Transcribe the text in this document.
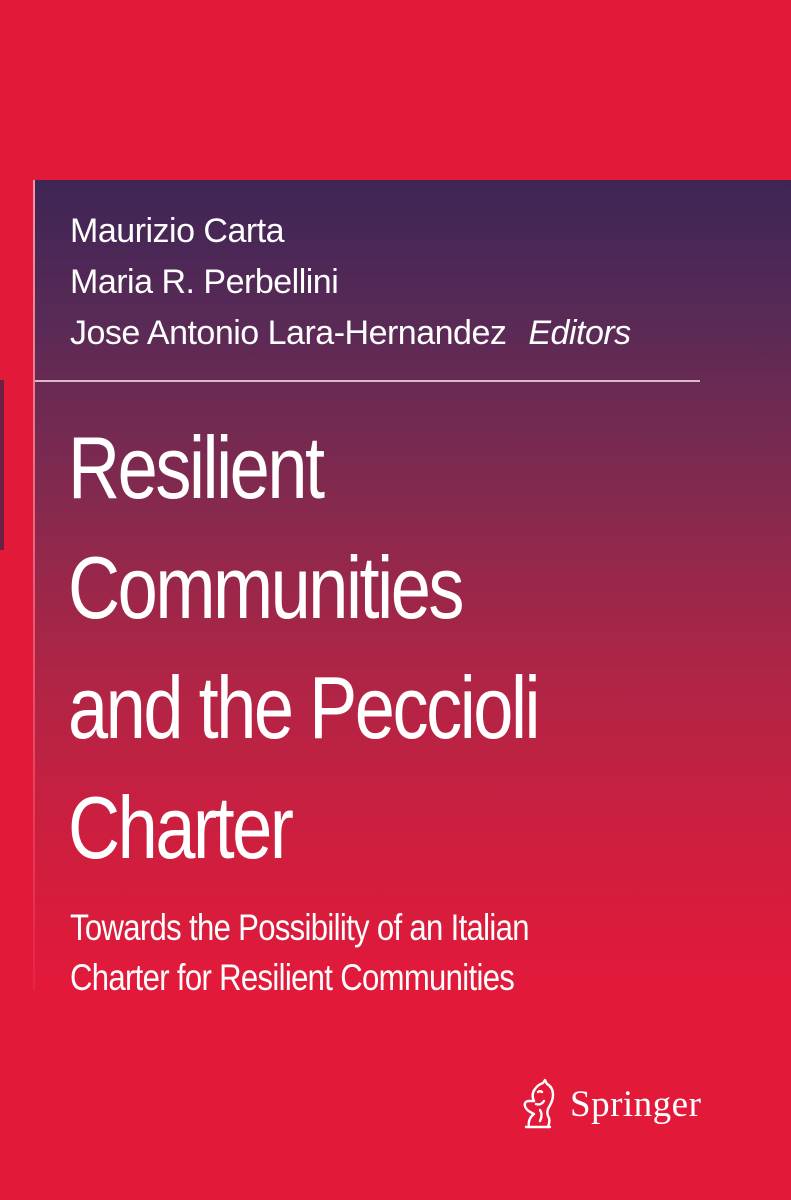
Maurizio Carta
Maria R. Perbellini
Jose Antonio Lara-Hernandez Editors
Resilient
Communities
and the Peccioli
Charter
Towards the Possibility of an Italian
Charter for Resilient Communities
Springer
